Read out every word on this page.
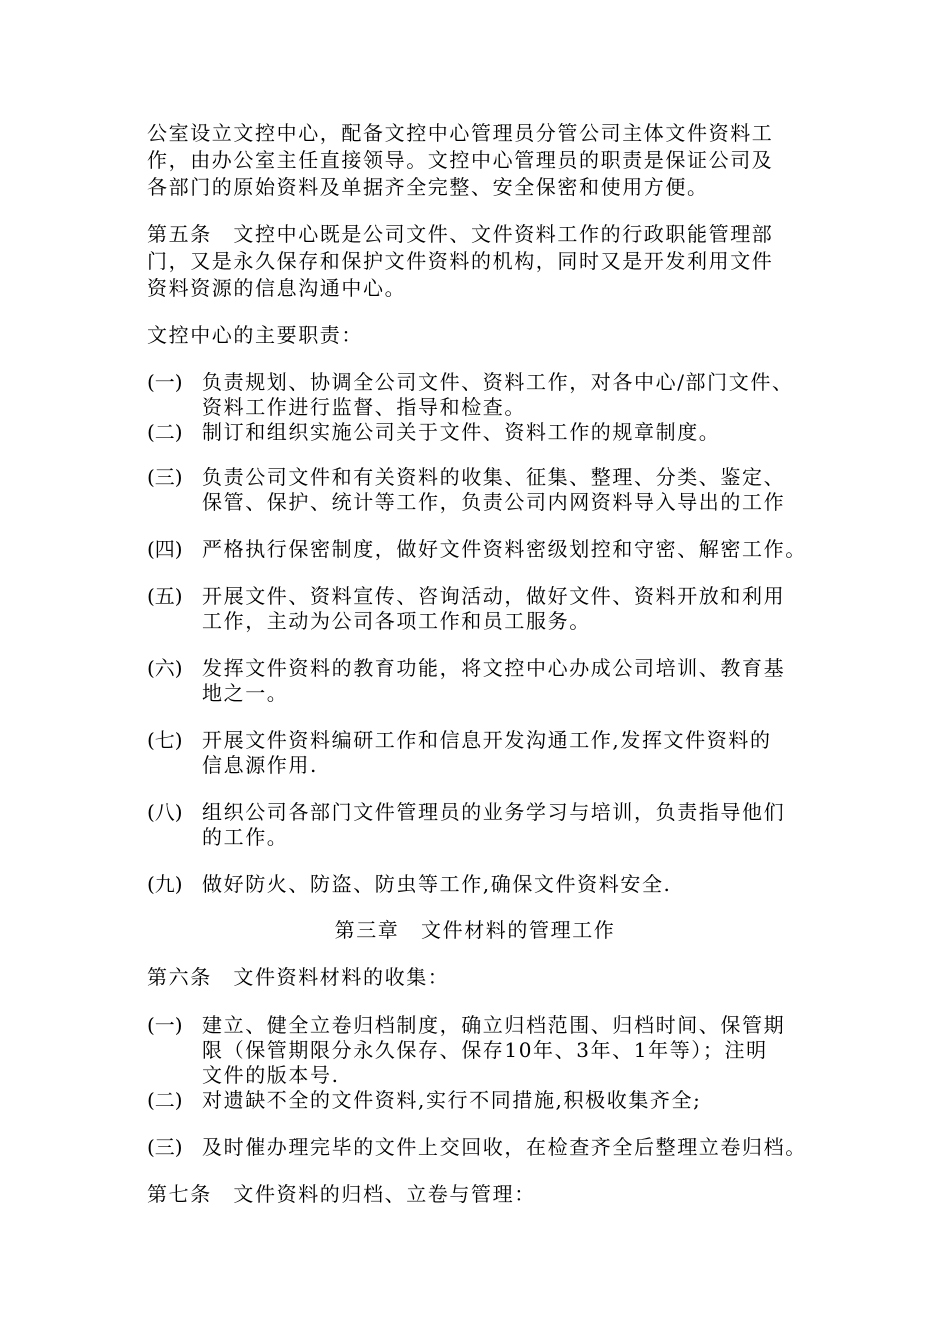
公室设立文控中心，配备文控中心管理员分管公司主体文件资料工
作，由办公室主任直接领导。文控中心管理员的职责是保证公司及
各部门的原始资料及单据齐全完整、安全保密和使用方便。
第五条　文控中心既是公司文件、文件资料工作的行政职能管理部
门，又是永久保存和保护文件资料的机构，同时又是开发利用文件
资料资源的信息沟通中心。
文控中心的主要职责：
(一) 负责规划、协调全公司文件、资料工作，对各中心/部门文件、
资料工作进行监督、指导和检查。
(二) 制订和组织实施公司关于文件、资料工作的规章制度。
(三) 负责公司文件和有关资料的收集、征集、整理、分类、鉴定、
保管、保护、统计等工作，负责公司内网资料导入导出的工作
(四) 严格执行保密制度，做好文件资料密级划控和守密、解密工作。
(五) 开展文件、资料宣传、咨询活动，做好文件、资料开放和利用
工作，主动为公司各项工作和员工服务。
(六) 发挥文件资料的教育功能，将文控中心办成公司培训、教育基
地之一。
(七) 开展文件资料编研工作和信息开发沟通工作,发挥文件资料的
信息源作用.
(八) 组织公司各部门文件管理员的业务学习与培训，负责指导他们
的工作。
(九) 做好防火、防盗、防虫等工作,确保文件资料安全.
第三章　文件材料的管理工作
第六条　文件资料材料的收集：
(一) 建立、健全立卷归档制度，确立归档范围、归档时间、保管期
限（保管期限分永久保存、保存10年、3年、1年等）；注明
文件的版本号.
(二) 对遗缺不全的文件资料,实行不同措施,积极收集齐全;
(三) 及时催办理完毕的文件上交回收，在检查齐全后整理立卷归档。
第七条　文件资料的归档、立卷与管理：
